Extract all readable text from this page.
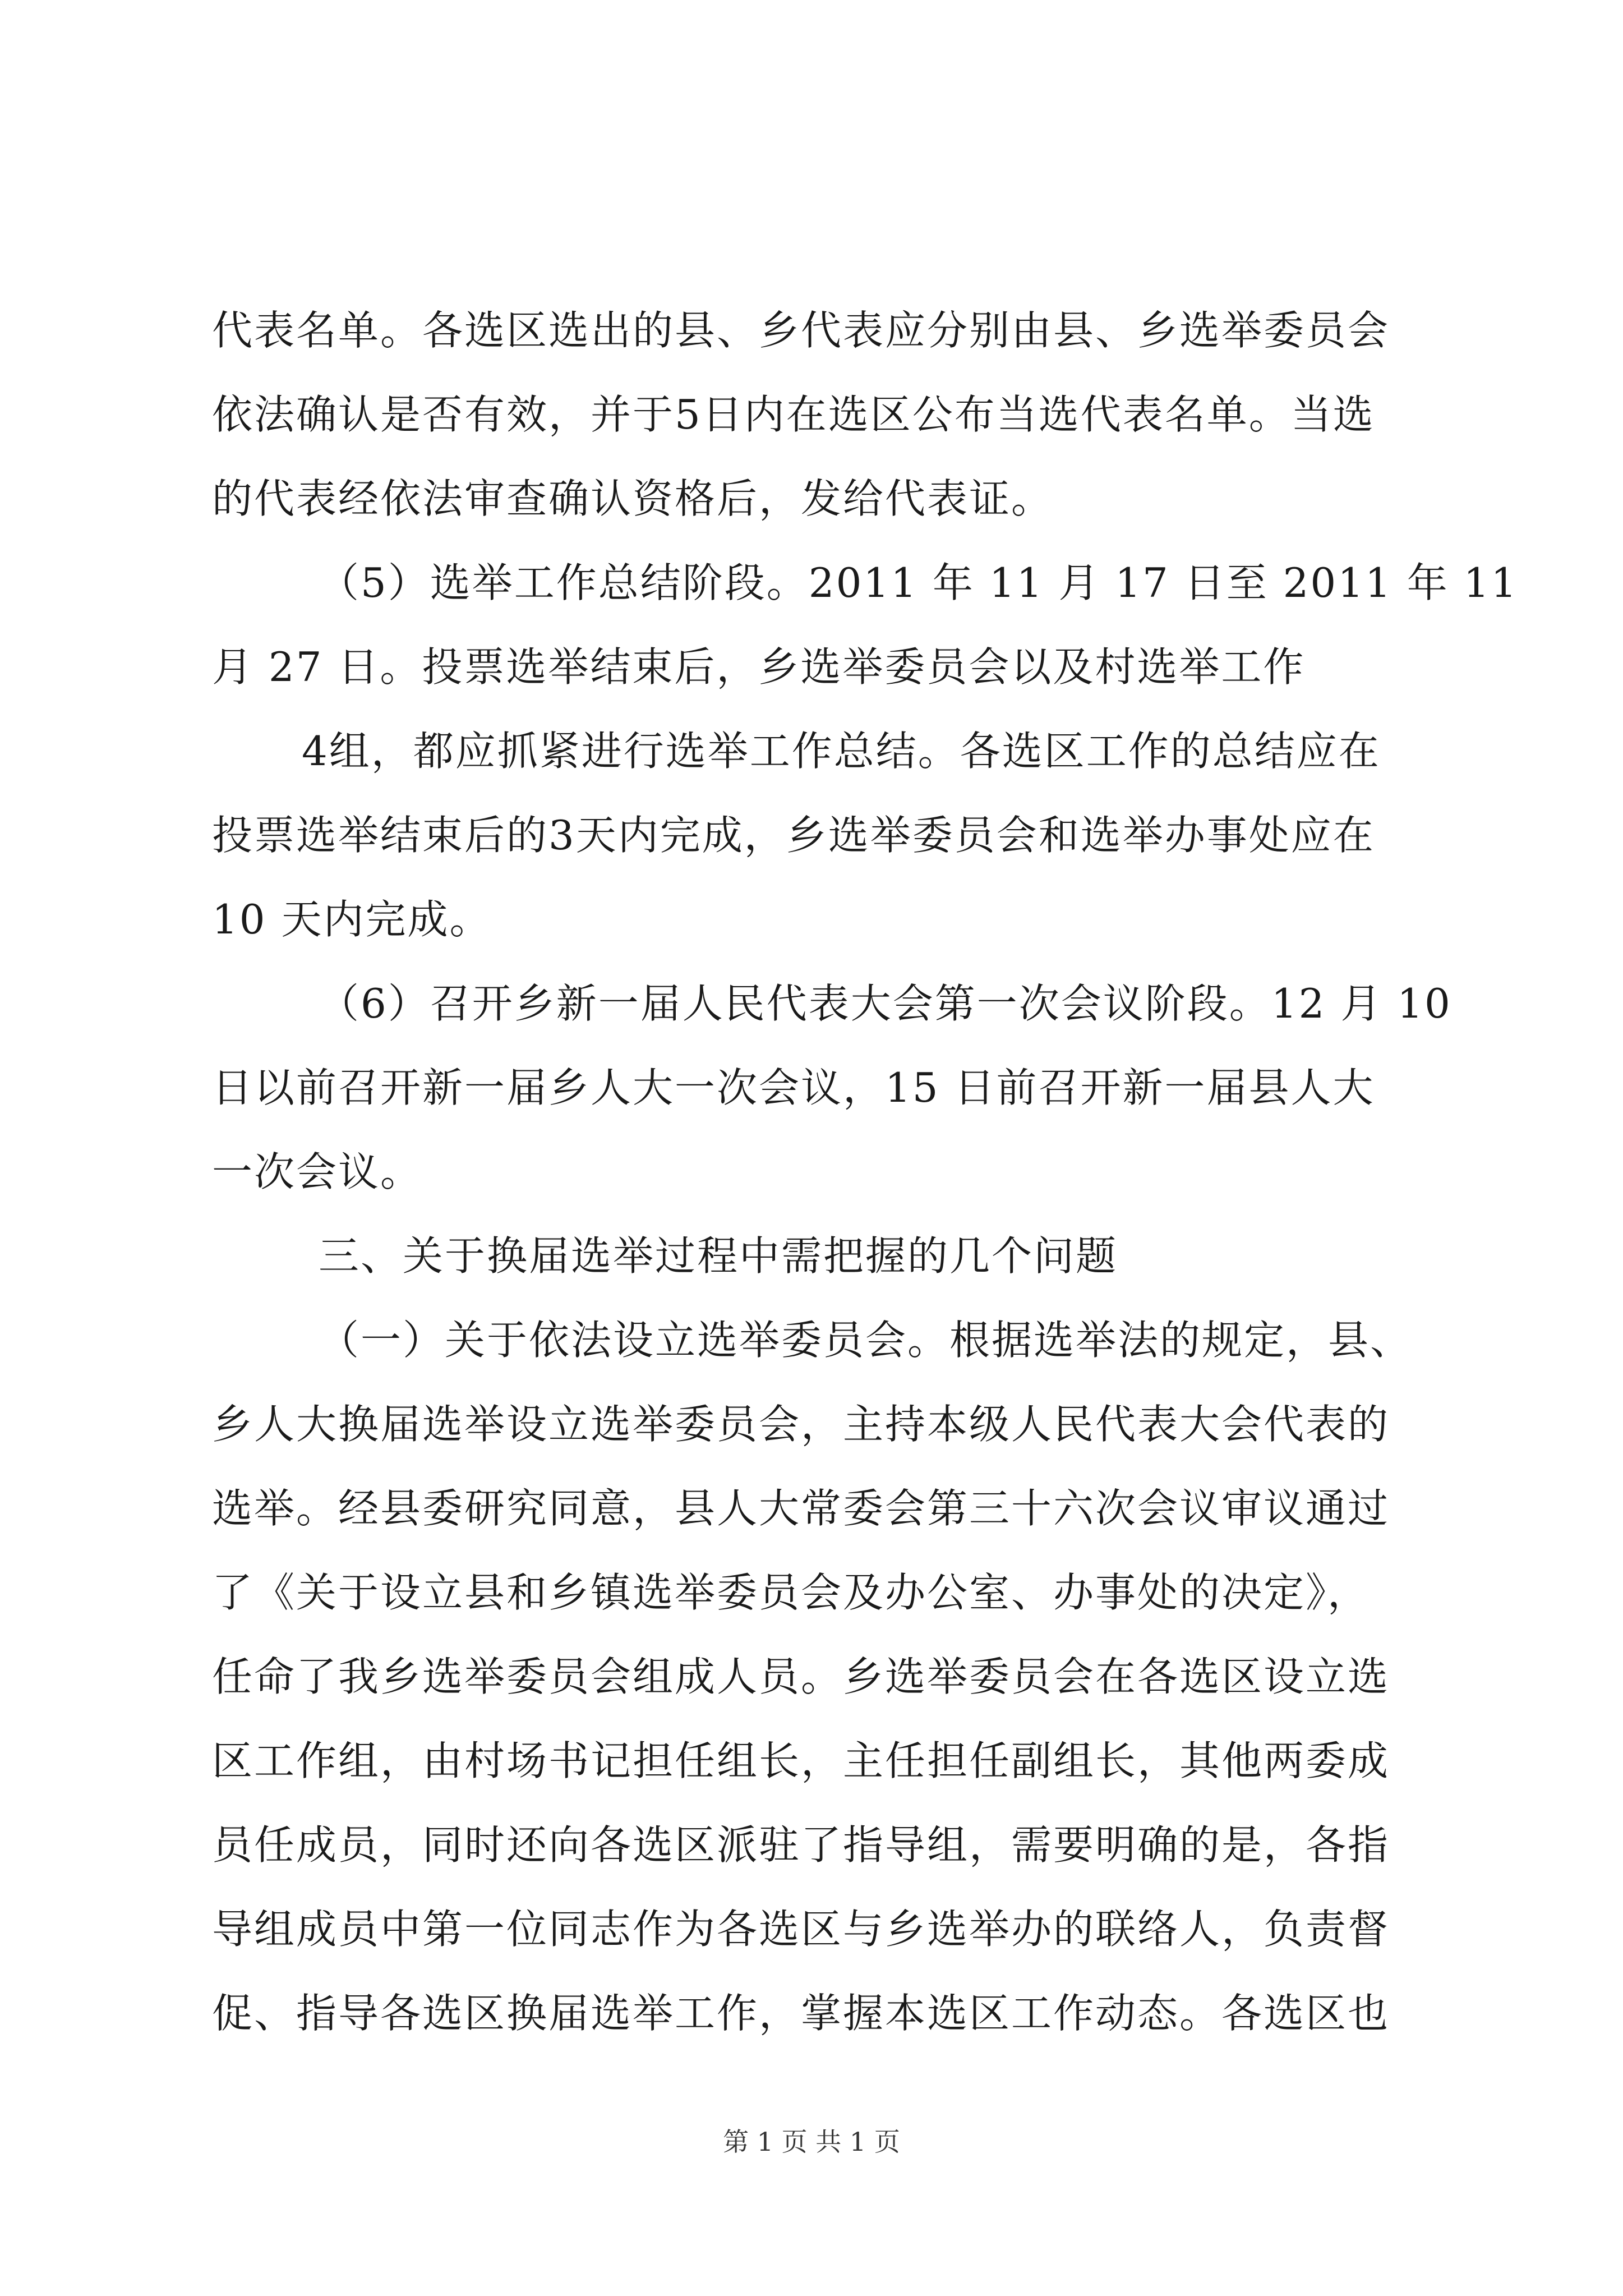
代表名单。各选区选出的县、乡代表应分别由县、乡选举委员会
依法确认是否有效，并于5日内在选区公布当选代表名单。当选
的代表经依法审查确认资格后，发给代表证。
（5）选举工作总结阶段。2011 年 11 月 17 日至 2011 年 11
月 27 日。投票选举结束后，乡选举委员会以及村选举工作
4组，都应抓紧进行选举工作总结。各选区工作的总结应在
投票选举结束后的3天内完成，乡选举委员会和选举办事处应在
10 天内完成。
（6）召开乡新一届人民代表大会第一次会议阶段。12 月 10
日以前召开新一届乡人大一次会议，15 日前召开新一届县人大
一次会议。
三、关于换届选举过程中需把握的几个问题
（一）关于依法设立选举委员会。根据选举法的规定，县、
乡人大换届选举设立选举委员会，主持本级人民代表大会代表的
选举。经县委研究同意，县人大常委会第三十六次会议审议通过
了《关于设立县和乡镇选举委员会及办公室、办事处的决定》，
任命了我乡选举委员会组成人员。乡选举委员会在各选区设立选
区工作组，由村场书记担任组长，主任担任副组长，其他两委成
员任成员，同时还向各选区派驻了指导组，需要明确的是，各指
导组成员中第一位同志作为各选区与乡选举办的联络人，负责督
促、指导各选区换届选举工作，掌握本选区工作动态。各选区也
第 1 页 共 1 页
